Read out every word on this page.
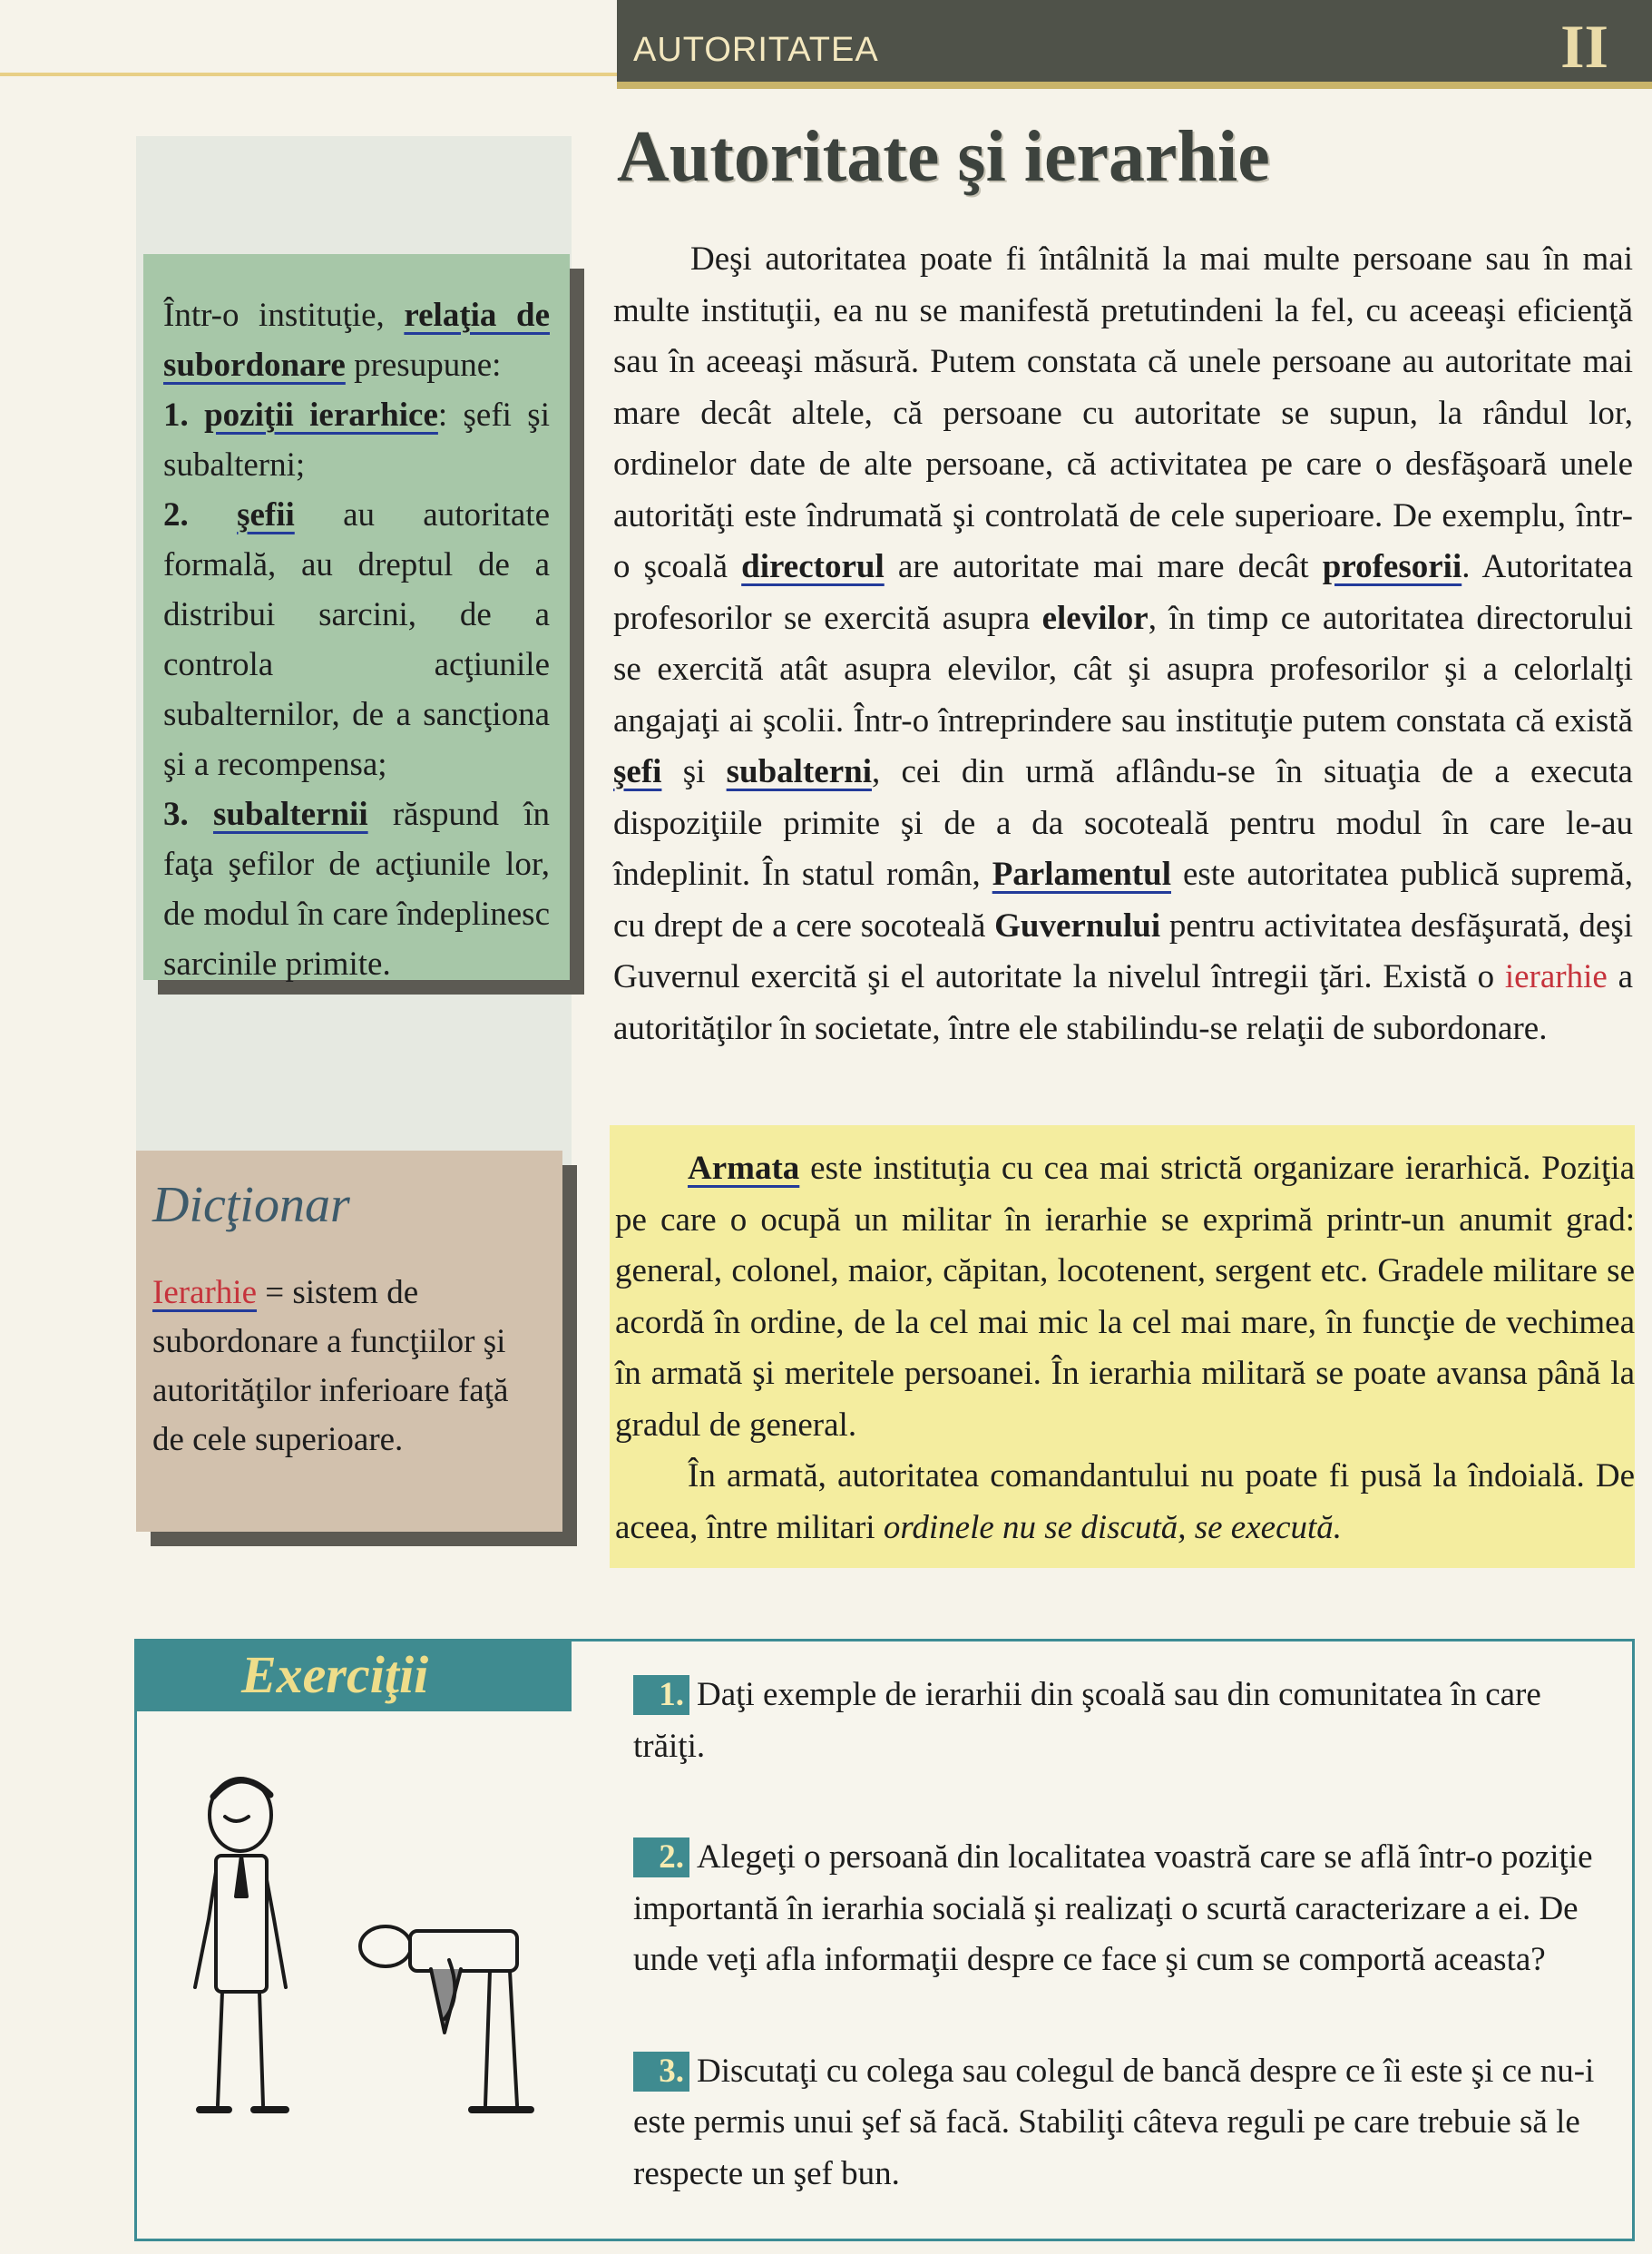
AUTORITATEA	II
Autoritate şi ierarhie

Într-o instituţie, relaţia de subordonare presupune:

1. poziţii ierarhice: şefi şi subalterni;

2. şefii au autoritate formală, au dreptul de a distribui sarcini, de a controla acţiunile subalternilor, de a sancţiona şi a recompensa;

3. subalternii răspund în faţa şefilor de acţiunile lor, de modul în care îndeplinesc sarcinile primite.

Deşi autoritatea poate fi întâlnită la mai multe persoane sau în mai multe instituţii, ea nu se manifestă pretutindeni la fel, cu aceeaşi eficienţă sau în aceeaşi măsură. Putem constata că unele persoane au autoritate mai mare decât altele, că persoane cu autoritate se supun, la rândul lor, ordinelor date de alte persoane, că activitatea pe care o desfăşoară unele autorităţi este îndrumată şi controlată de cele superioare. De exemplu, într-o şcoală directorul are autoritate mai mare decât profesorii. Autoritatea profesorilor se exercită asupra elevilor, în timp ce autoritatea directorului se exercită atât asupra elevilor, cât şi asupra profesorilor şi a celorlalţi angajaţi ai şcolii. Într-o întreprindere sau instituţie putem constata că există şefi şi subalterni, cei din urmă aflându-se în situaţia de a executa dispoziţiile primite şi de a da socoteală pentru modul în care le-au îndeplinit. În statul român, Parlamentul este autoritatea publică supremă, cu drept de a cere socoteală Guvernului pentru activitatea desfăşurată, deşi Guvernul exercită şi el autoritate la nivelul întregii ţări. Există o ierarhie a autorităţilor în societate, între ele stabilindu-se relaţii de subordonare.

Dicţionar

Ierarhie = sistem de subordonare a funcţiilor şi autorităţilor inferioare faţă de cele superioare.

Armata este instituţia cu cea mai strictă organizare ierarhică. Poziţia pe care o ocupă un militar în ierarhie se exprimă printr-un anumit grad: general, colonel, maior, căpitan, locotenent, sergent etc. Gradele militare se acordă în ordine, de la cel mai mic la cel mai mare, în funcţie de vechimea în armată şi meritele persoanei. În ierarhia militară se poate avansa până la gradul de general.

În armată, autoritatea comandantului nu poate fi pusă la îndoială. De aceea, între militari ordinele nu se discută, se execută.

Exerciţii	1. Daţi exemple de ierarhii din şcoală sau din comunitatea în care trăiţi.

2. Alegeţi o persoană din localitatea voastră care se află într-o poziţie importantă în ierarhia socială şi realizaţi o scurtă caracterizare a ei. De unde veţi afla informaţii despre ce face şi cum se comportă aceasta?

3. Discutaţi cu colega sau colegul de bancă despre ce îi este şi ce nu-i este permis unui şef să facă. Stabiliţi câteva reguli pe care trebuie să le respecte un şef bun.
